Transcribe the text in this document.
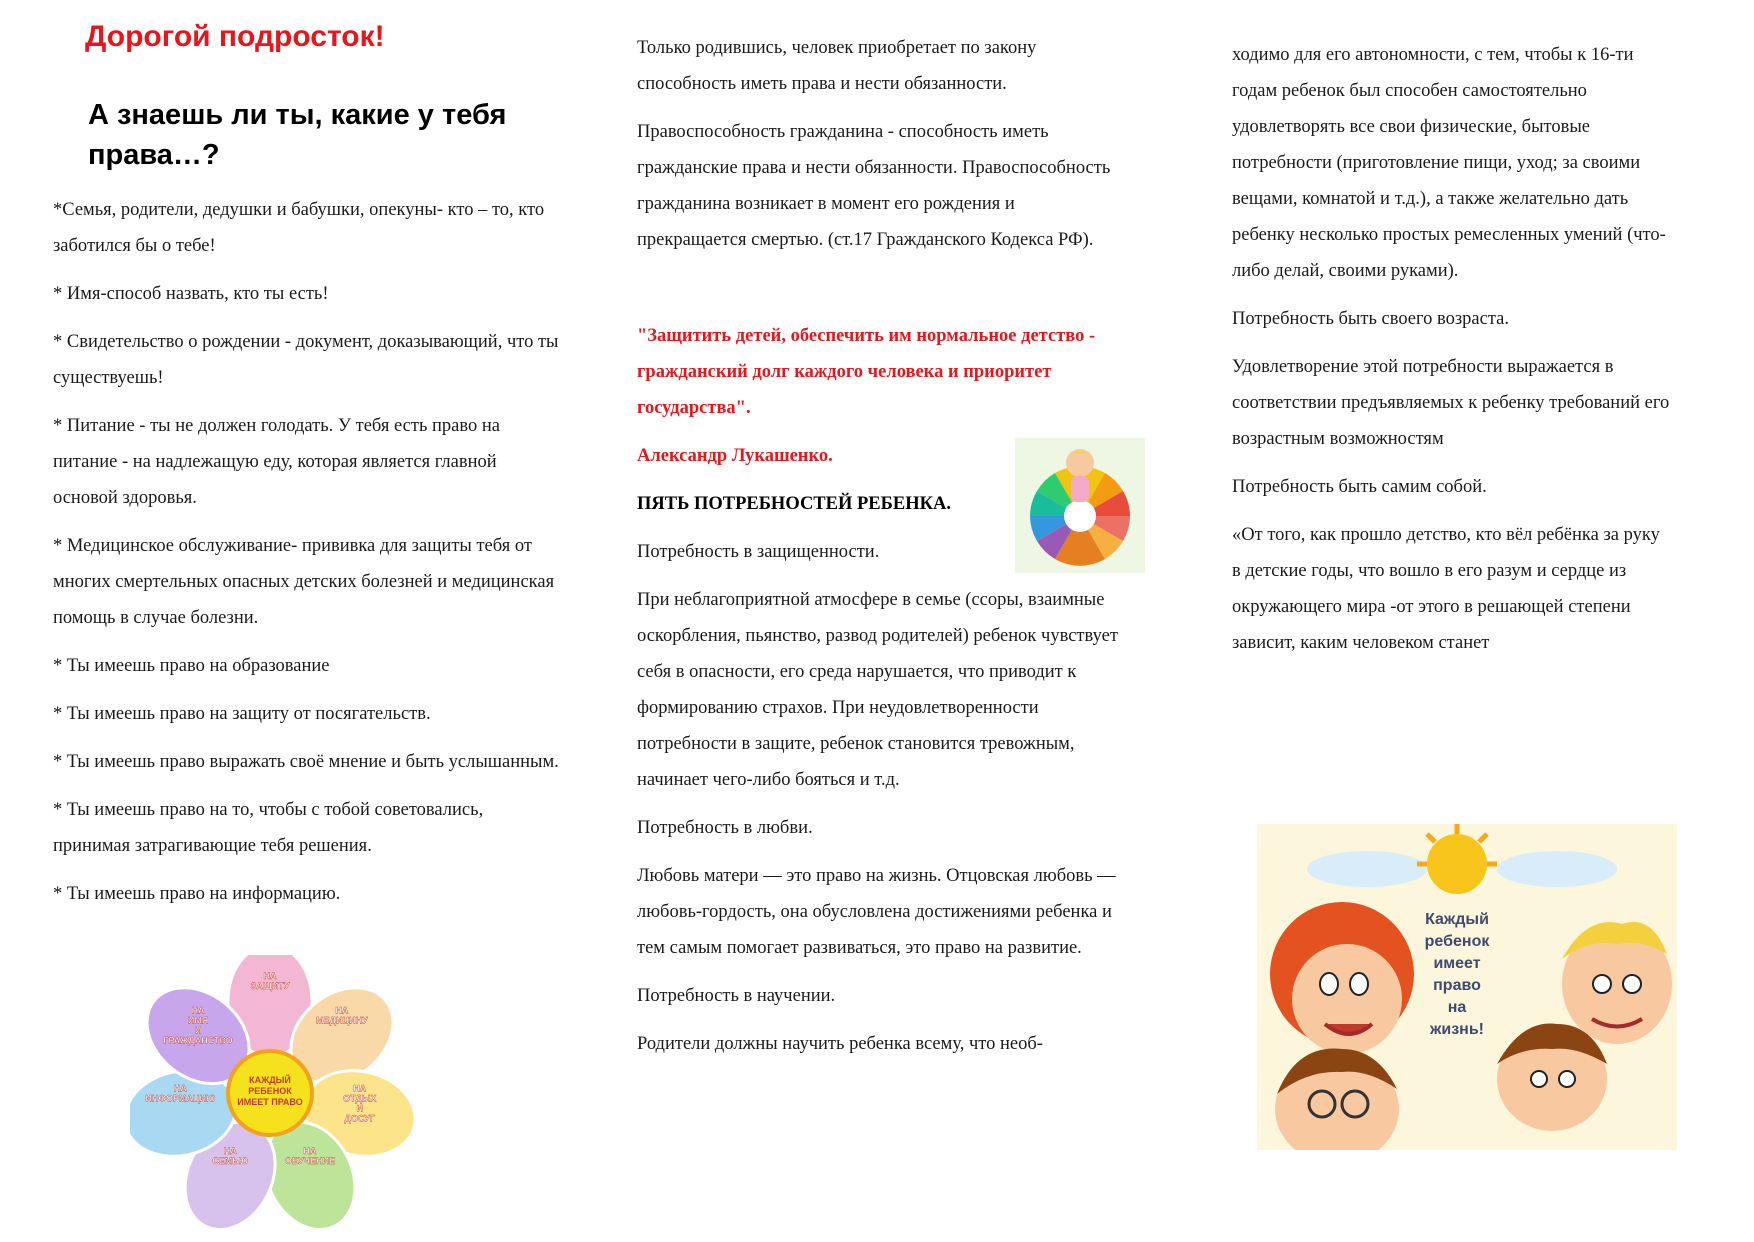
Дорогой подросток!
А знаешь ли ты, какие у тебя права…?

*Семья, родители, дедушки и бабушки, опекуны- кто – то, кто заботился бы о тебе!

* Имя-способ назвать, кто ты есть!

* Свидетельство о рождении - документ, доказывающий, что ты существуешь!

* Питание - ты не должен голодать. У тебя есть право на питание - на надлежащую еду, которая является главной основой здоровья.

* Медицинское обслуживание- прививка для защиты тебя от многих смертельных опасных детских болезней и медицинская помощь в случае болезни.

* Ты имеешь право на образование

* Ты имеешь право на защиту от посягательств.

* Ты имеешь право выражать своё мнение и быть услышанным.

* Ты имеешь право на то, чтобы с тобой советовались, принимая затрагивающие тебя решения.

* Ты имеешь право на информацию.

НА ЗАЩИТУ
НА МЕДИЦИНУ
НА ОТДЫХ И ДОСУГ
НА ОБУЧЕНИЕ
НА СЕМЬЮ
НА ИНФОРМАЦИЮ
НА ИМЯ И ГРАЖДАНСТВО
КАЖДЫЙ РЕБЕНОК ИМЕЕТ ПРАВО

Только родившись, человек приобретает по закону способность иметь права и нести обязанности.

Правоспособность гражданина - способность иметь гражданские права и нести обязанности. Правоспособность гражданина возникает в момент его рождения и прекращается смертью. (ст.17 Гражданского Кодекса РФ).

"Защитить детей, обеспечить им нормальное детство - гражданский долг каждого человека и приоритет государства".

Александр Лукашенко.

ПЯТЬ ПОТРЕБНОСТЕЙ РЕБЕНКА.

Потребность в защищенности.

При неблагоприятной атмосфере в семье (ссоры, взаимные оскорбления, пьянство, развод родителей) ребенок чувствует себя в опасности, его среда нарушается, что приводит к формированию страхов. При неудовлетворенности потребности в защите, ребенок становится тревожным, начинает чего-либо бояться и т.д.

Потребность в любви.

Любовь матери — это право на жизнь. Отцовская любовь — любовь-гордость, она обусловлена достижениями ребенка и тем самым помогает развиваться, это право на развитие.

Потребность в научении.

Родители должны научить ребенка всему, что необ-

ходимо для его автономности, с тем, чтобы к 16-ти годам ребенок был способен самостоятельно удовлетворять все свои физические, бытовые потребности (приготовление пищи, уход; за своими вещами, комнатой и т.д.), а также желательно дать ребенку несколько простых ремесленных умений (что-либо делай, своими руками).

Потребность быть своего возраста.

Удовлетворение этой потребности выражается в соответствии предъявляемых к ребенку требований его возрастным возможностям

Потребность быть самим собой.

«От того, как прошло детство, кто вёл ребёнка за руку в детские годы, что вошло в его разум и сердце из окружающего мира -от этого в решающей степени зависит, каким человеком станет

Каждый ребенок имеет право на жизнь!
